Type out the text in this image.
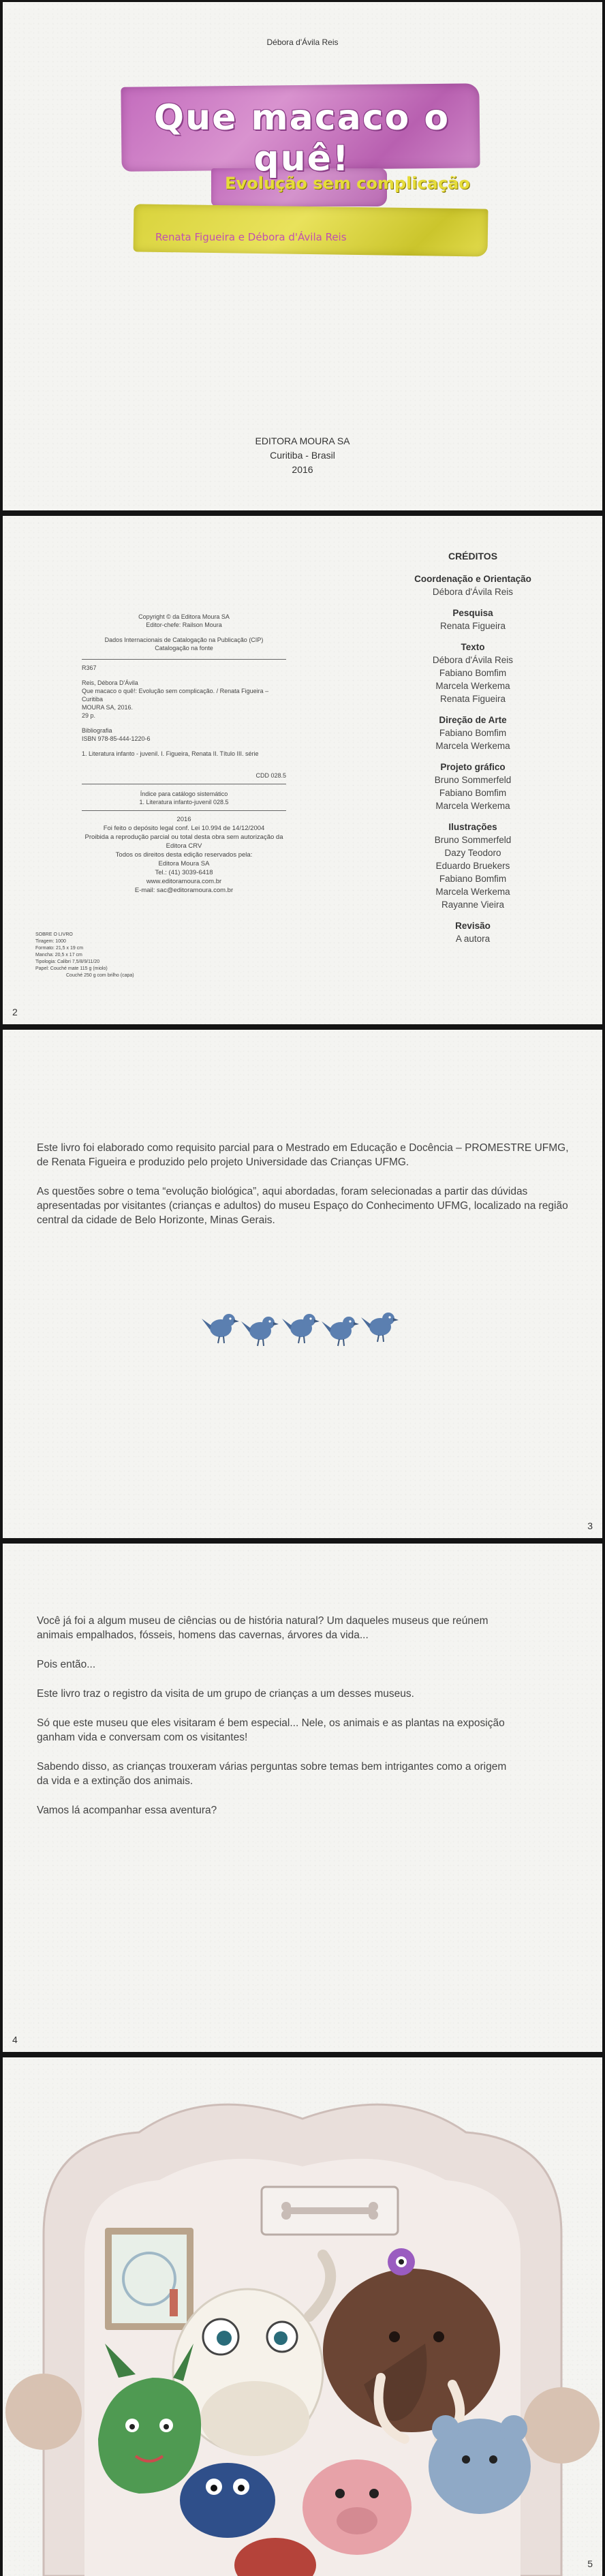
Débora d'Ávila Reis
Que macaco o quê!
Evolução sem complicação
Renata Figueira e Débora d'Ávila Reis
EDITORA MOURA SA
Curitiba - Brasil
2016
Copyright © da Editora Moura SA
Editor-chefe: Railson Moura
Dados Internacionais de Catalogação na Publicação (CIP)
Catalogação na fonte
R367
Reis, Débora D'Ávila
Que macaco o quê!: Evolução sem complicação. / Renata Figueira – Curitiba
MOURA SA, 2016.
29 p.
Bibliografia
ISBN 978-85-444-1220-6
1. Literatura infanto - juvenil. I. Figueira, Renata II. Título III. série
CDD 028.5
Índice para catálogo sistemático
1. Literatura infanto-juvenil 028.5
2016
Foi feito o depósito legal conf. Lei 10.994 de 14/12/2004
Proibida a reprodução parcial ou total desta obra sem autorização da Editora CRV
Todos os direitos desta edição reservados pela:
Editora Moura SA
Tel.: (41) 3039-6418
www.editoramoura.com.br
E-mail: sac@editoramoura.com.br
SOBRE O LIVRO
Tiragem: 1000
Formato: 21,5 x 19 cm
Mancha: 20,5 x 17 cm
Tipologia: Calibri 7,5/8/9/11/20
Papel: Couché mate 115 g (miolo)
Couché 250 g com brilho (capa)
CRÉDITOS
Coordenação e Orientação
Débora d'Ávila Reis
Pesquisa
Renata Figueira
Texto
Débora d'Ávila Reis
Fabiano Bomfim
Marcela Werkema
Renata Figueira
Direção de Arte
Fabiano Bomfim
Marcela Werkema
Projeto gráfico
Bruno Sommerfeld
Fabiano Bomfim
Marcela Werkema
Ilustrações
Bruno Sommerfeld
Dazy Teodoro
Eduardo Bruekers
Fabiano Bomfim
Marcela Werkema
Rayanne Vieira
Revisão
A autora
2

Este livro foi elaborado como requisito parcial para o Mestrado em Educação e Docência – PROMESTRE UFMG, de Renata Figueira e produzido pelo projeto Universidade das Crianças UFMG.

As questões sobre o tema “evolução biológica”, aqui abordadas, foram selecionadas a partir das dúvidas apresentadas por visitantes (crianças e adultos) do museu Espaço do Conhecimento UFMG, localizado na região central da cidade de Belo Horizonte, Minas Gerais.

3

Você já foi a algum museu de ciências ou de história natural? Um daqueles museus que reúnem animais empalhados, fósseis, homens das cavernas, árvores da vida...

Pois então...

Este livro traz o registro da visita de um grupo de crianças a um desses museus.

Só que este museu que eles visitaram é bem especial... Nele, os animais e as plantas na exposição ganham vida e conversam com os visitantes!

Sabendo disso, as crianças trouxeram várias perguntas sobre temas bem intrigantes como a origem da vida e a extinção dos animais.

Vamos lá acompanhar essa aventura?

4
5
